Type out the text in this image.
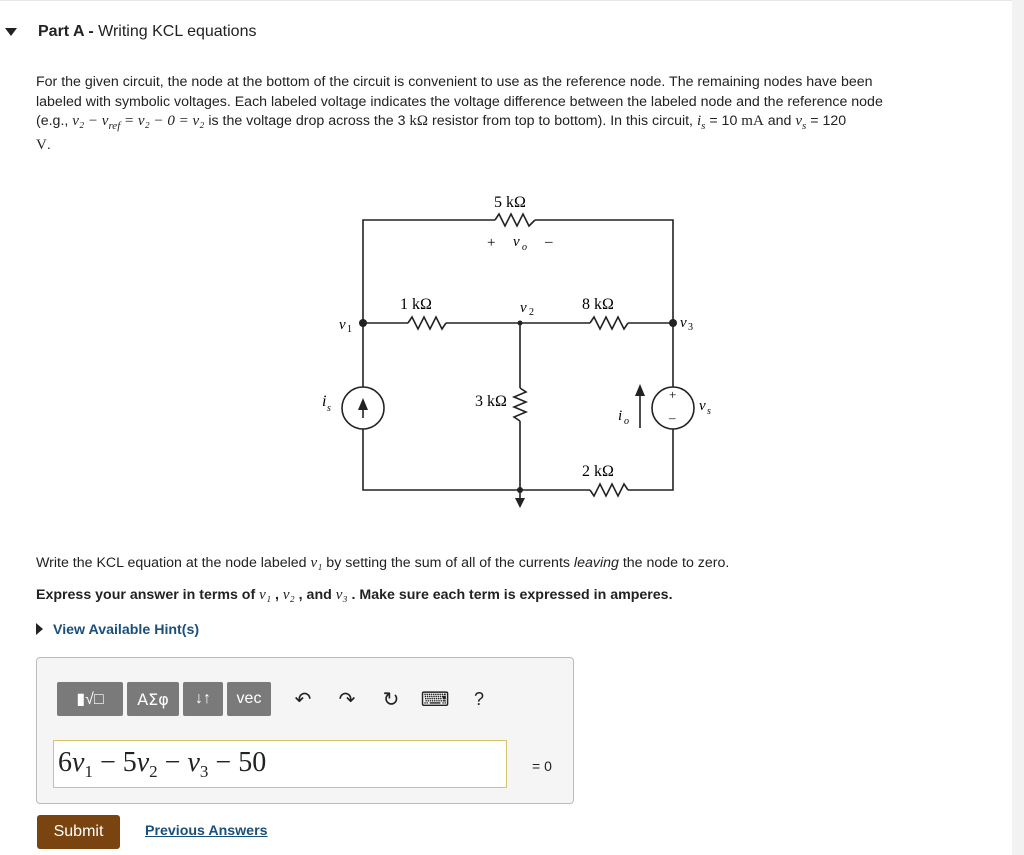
Part A - Writing KCL equations
For the given circuit, the node at the bottom of the circuit is convenient to use as the reference node. The remaining nodes have been
labeled with symbolic voltages. Each labeled voltage indicates the voltage difference between the labeled node and the reference node
(e.g., $v_2 - v_{ref} = v_2 - 0 = v_2$ is the voltage drop across the 3 kΩ resistor from top to bottom). In this circuit, $i_s = 10$ mA and $v_s = 120$
V.
5 kΩ
+ v o –
1 kΩ
v 1
v 2	8 kΩ
v 3
i s	3 kΩ
i o
+
–
v s
2 kΩ
Write the KCL equation at the node labeled v₁ by setting the sum of all of the currents leaving the node to zero.
Express your answer in terms of v₁ , v₂ , and v₃ . Make sure each term is expressed in amperes.
View Available Hint(s)
▮√□	ΑΣφ	↓↑	vec	↶	↷	↻	⌨	?
$6v_1 - 5v_2 - v_3 - 50$	= 0
Submit	Previous Answers
